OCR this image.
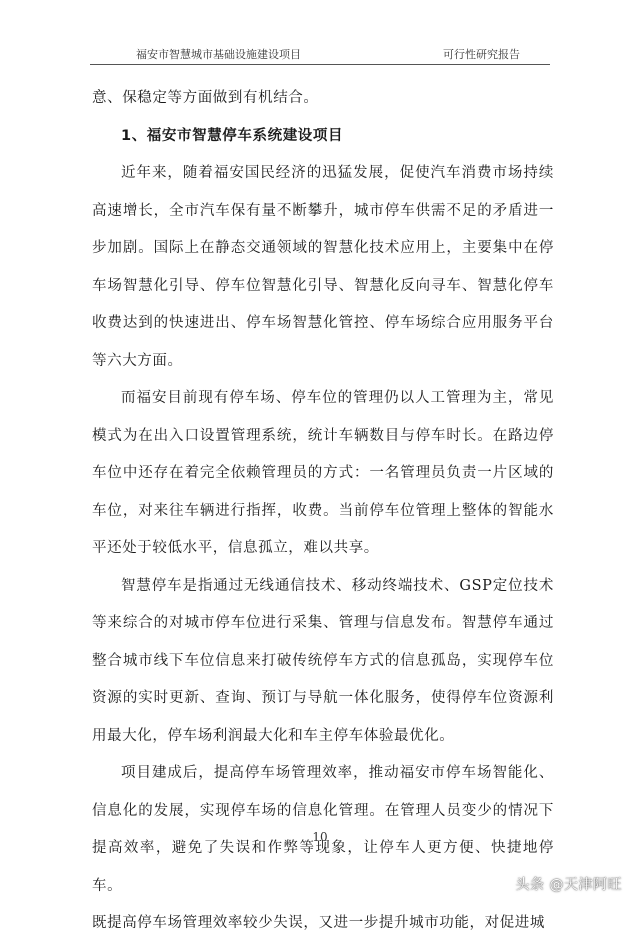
福安市智慧城市基础设施建设项目	可行性研究报告

意、保稳定等方面做到有机结合。

1、福安市智慧停车系统建设项目

近年来，随着福安国民经济的迅猛发展，促使汽车消费市场持续高速增长，全市汽车保有量不断攀升，城市停车供需不足的矛盾进一步加剧。国际上在静态交通领域的智慧化技术应用上，主要集中在停车场智慧化引导、停车位智慧化引导、智慧化反向寻车、智慧化停车收费达到的快速进出、停车场智慧化管控、停车场综合应用服务平台等六大方面。

而福安目前现有停车场、停车位的管理仍以人工管理为主，常见模式为在出入口设置管理系统，统计车辆数目与停车时长。在路边停车位中还存在着完全依赖管理员的方式：一名管理员负责一片区域的车位，对来往车辆进行指挥，收费。当前停车位管理上整体的智能水平还处于较低水平，信息孤立，难以共享。

智慧停车是指通过无线通信技术、移动终端技术、GSP定位技术等来综合的对城市停车位进行采集、管理与信息发布。智慧停车通过整合城市线下车位信息来打破传统停车方式的信息孤岛，实现停车位资源的实时更新、查询、预订与导航一体化服务，使得停车位资源利用最大化，停车场利润最大化和车主停车体验最优化。

项目建成后，提高停车场管理效率，推动福安市停车场智能化、信息化的发展，实现停车场的信息化管理。在管理人员变少的情况下提高效率，避免了失误和作弊等现象，让停车人更方便、快捷地停车。

既提高停车场管理效率较少失误，又进一步提升城市功能，对促进城

10
头条 @天津阿旺
